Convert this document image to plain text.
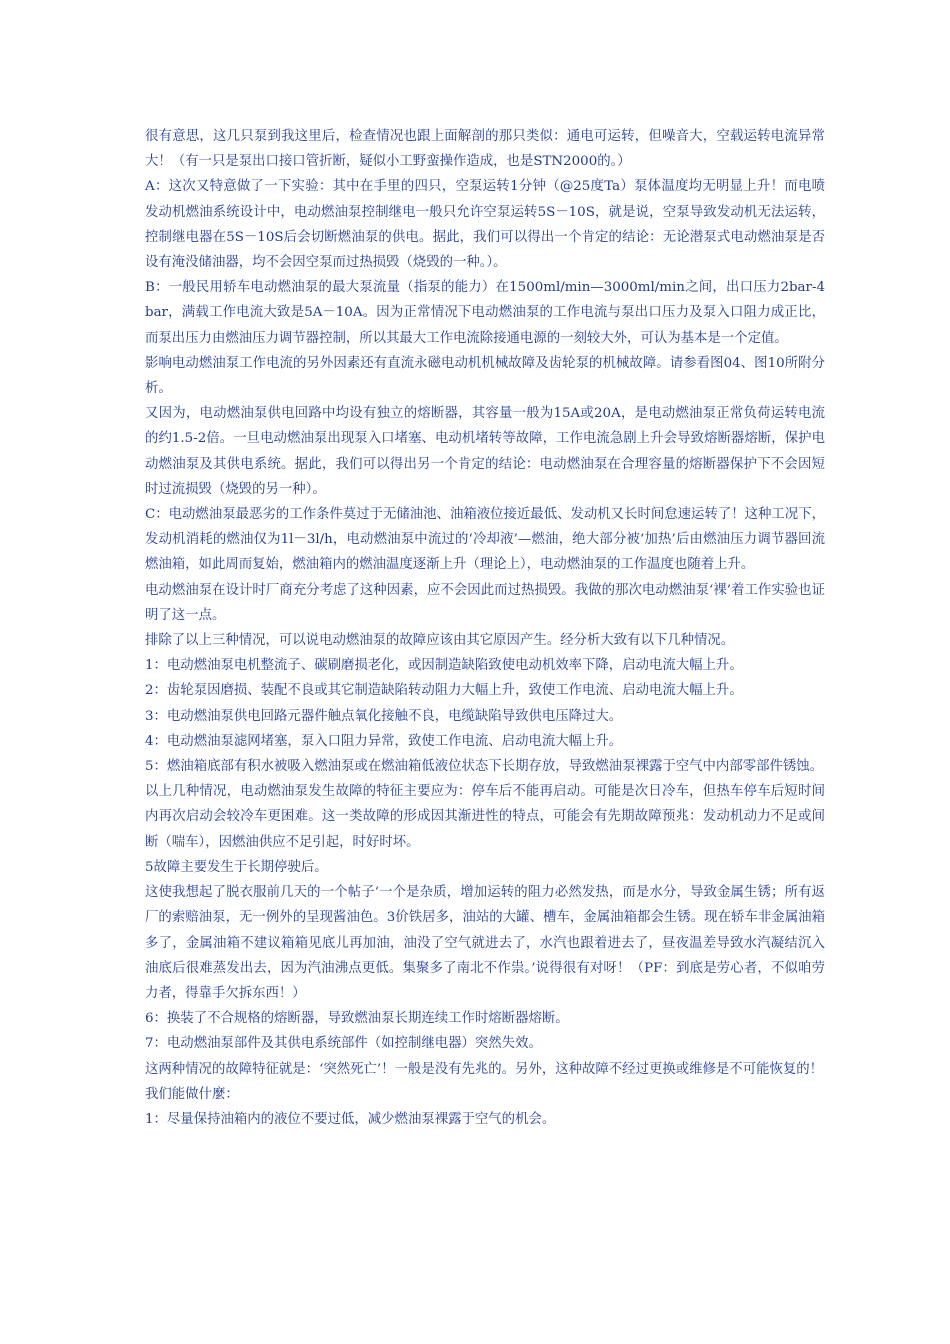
很有意思，这几只泵到我这里后，检查情况也跟上面解剖的那只类似：通电可运转，但噪音大，空载运转电流异常大！（有一只是泵出口接口管折断，疑似小工野蛮操作造成，也是STN2000的。）

A：这次又特意做了一下实验：其中在手里的四只，空泵运转1分钟（@25度Ta）泵体温度均无明显上升！而电喷发动机燃油系统设计中，电动燃油泵控制继电一般只允许空泵运转5S－10S，就是说，空泵导致发动机无法运转，控制继电器在5S－10S后会切断燃油泵的供电。据此，我们可以得出一个肯定的结论：无论潜泵式电动燃油泵是否设有淹没储油器，均不会因空泵而过热损毁（烧毁的一种。）。

B：一般民用轿车电动燃油泵的最大泵流量（指泵的能力）在1500ml/min—3000ml/min之间，出口压力2bar-4bar，满载工作电流大致是5A－10A。因为正常情况下电动燃油泵的工作电流与泵出口压力及泵入口阻力成正比，而泵出压力由燃油压力调节器控制，所以其最大工作电流除接通电源的一刻较大外，可认为基本是一个定值。

影响电动燃油泵工作电流的另外因素还有直流永磁电动机机械故障及齿轮泵的机械故障。请参看图04、图10所附分析。

又因为，电动燃油泵供电回路中均设有独立的熔断器，其容量一般为15A或20A，是电动燃油泵正常负荷运转电流的约1.5-2倍。一旦电动燃油泵出现泵入口堵塞、电动机堵转等故障，工作电流急剧上升会导致熔断器熔断，保护电动燃油泵及其供电系统。据此，我们可以得出另一个肯定的结论：电动燃油泵在合理容量的熔断器保护下不会因短时过流损毁（烧毁的另一种）。

C：电动燃油泵最恶劣的工作条件莫过于无储油池、油箱液位接近最低、发动机又长时间怠速运转了！这种工况下，发动机消耗的燃油仅为1l－3l/h，电动燃油泵中流过的‘冷却液’—燃油，绝大部分被‘加热’后由燃油压力调节器回流燃油箱，如此周而复始，燃油箱内的燃油温度逐渐上升（理论上），电动燃油泵的工作温度也随着上升。

电动燃油泵在设计时厂商充分考虑了这种因素，应不会因此而过热损毁。我做的那次电动燃油泵‘裸’着工作实验也证明了这一点。

排除了以上三种情况，可以说电动燃油泵的故障应该由其它原因产生。经分析大致有以下几种情况。

1：电动燃油泵电机整流子、碳刷磨损老化，或因制造缺陷致使电动机效率下降，启动电流大幅上升。

2：齿轮泵因磨损、装配不良或其它制造缺陷转动阻力大幅上升，致使工作电流、启动电流大幅上升。

3：电动燃油泵供电回路元器件触点氧化接触不良，电缆缺陷导致供电压降过大。

4：电动燃油泵滤网堵塞，泵入口阻力异常，致使工作电流、启动电流大幅上升。

5：燃油箱底部有积水被吸入燃油泵或在燃油箱低液位状态下长期存放，导致燃油泵裸露于空气中内部零部件锈蚀。

以上几种情况，电动燃油泵发生故障的特征主要应为：停车后不能再启动。可能是次日冷车，但热车停车后短时间内再次启动会较冷车更困难。这一类故障的形成因其渐进性的特点，可能会有先期故障预兆：发动机动力不足或间断（喘车），因燃油供应不足引起，时好时坏。

5故障主要发生于长期停驶后。

这使我想起了脱衣服前几天的一个帖子‘一个是杂质，增加运转的阻力必然发热，而是水分，导致金属生锈；所有返厂的索赔油泵，无一例外的呈现酱油色。3价铁居多，油站的大罐、槽车，金属油箱都会生锈。现在轿车非金属油箱多了，金属油箱不建议箱箱见底儿再加油，油没了空气就进去了，水汽也跟着进去了，昼夜温差导致水汽凝结沉入油底后很难蒸发出去，因为汽油沸点更低。集聚多了南北不作祟。’说得很有对呀！（PF：到底是劳心者，不似咱劳力者，得靠手欠拆东西！）

6：换装了不合规格的熔断器，导致燃油泵长期连续工作时熔断器熔断。

7：电动燃油泵部件及其供电系统部件（如控制继电器）突然失效。

这两种情况的故障特征就是：‘突然死亡’！一般是没有先兆的。另外，这种故障不经过更换或维修是不可能恢复的！

我们能做什麼：

1：尽量保持油箱内的液位不要过低，减少燃油泵裸露于空气的机会。
